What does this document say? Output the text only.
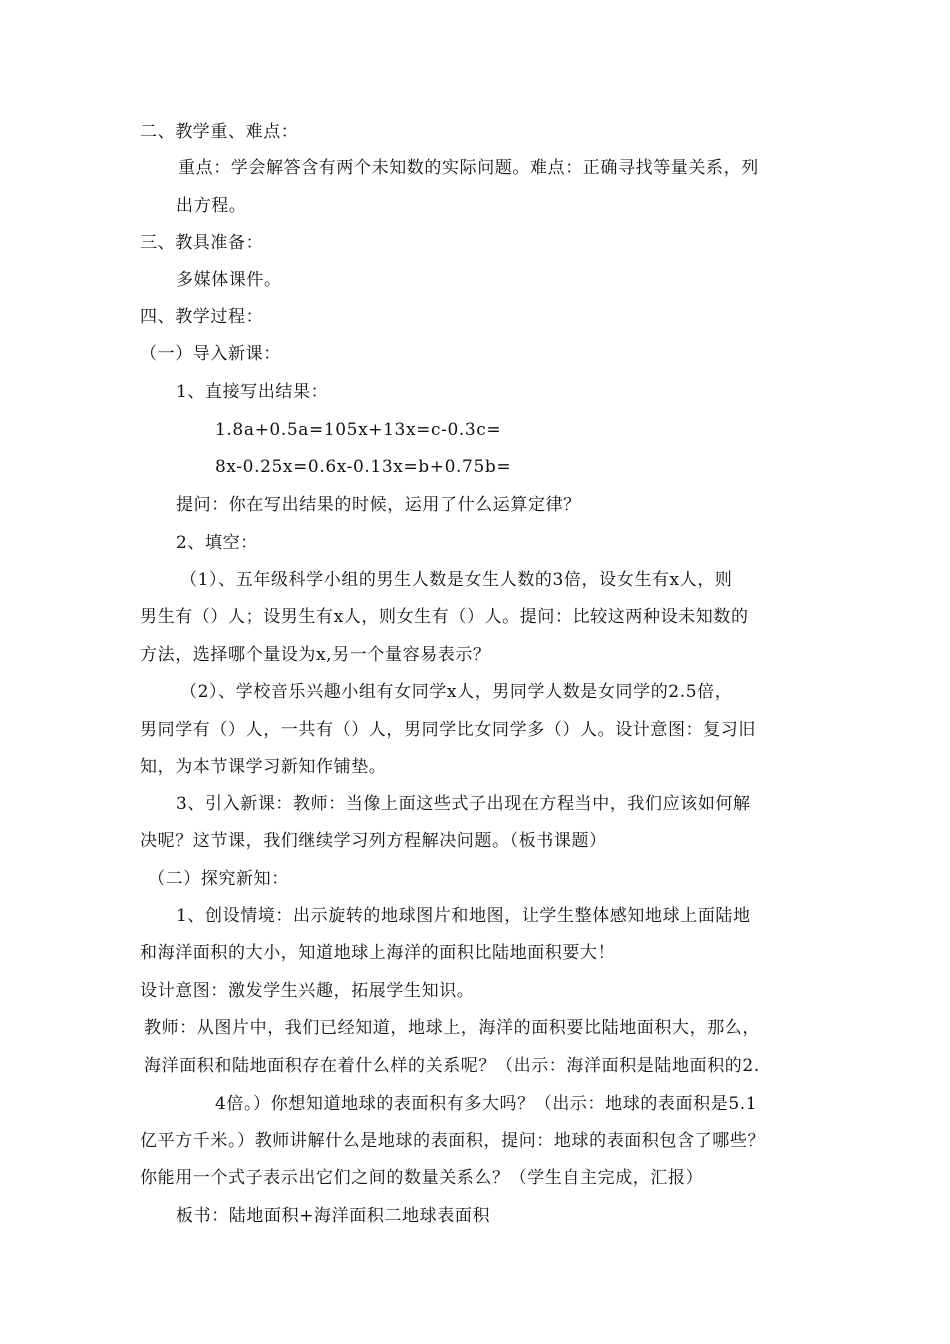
二、教学重、难点：
重点：学会解答含有两个未知数的实际问题。难点：正确寻找等量关系，列
出方程。
三、教具准备：
多媒体课件。
四、教学过程：
（一）导入新课：
1、直接写出结果：
1.8a+0.5a=105x+13x=c-0.3c=
8x-0.25x=0.6x-0.13x=b+0.75b=
提问：你在写出结果的时候，运用了什么运算定律？
2、填空：
（1）、五年级科学小组的男生人数是女生人数的3倍，设女生有x人，则
男生有（）人；设男生有x人，则女生有（）人。提问：比较这两种设未知数的
方法，选择哪个量设为x,另一个量容易表示？
（2）、学校音乐兴趣小组有女同学x人，男同学人数是女同学的2.5倍，
男同学有（）人，一共有（）人，男同学比女同学多（）人。设计意图：复习旧
知，为本节课学习新知作铺垫。
3、引入新课：教师：当像上面这些式子出现在方程当中，我们应该如何解
决呢？这节课，我们继续学习列方程解决问题。（板书课题）
（二）探究新知：
1、创设情境：出示旋转的地球图片和地图，让学生整体感知地球上面陆地
和海洋面积的大小，知道地球上海洋的面积比陆地面积要大！
设计意图：激发学生兴趣，拓展学生知识。
教师：从图片中，我们已经知道，地球上，海洋的面积要比陆地面积大，那么，
海洋面积和陆地面积存在着什么样的关系呢？（出示：海洋面积是陆地面积的2.
4倍。）你想知道地球的表面积有多大吗？（出示：地球的表面积是5.1
亿平方千米。）教师讲解什么是地球的表面积，提问：地球的表面积包含了哪些？
你能用一个式子表示出它们之间的数量关系么？（学生自主完成，汇报）
板书：陆地面积+海洋面积二地球表面积
